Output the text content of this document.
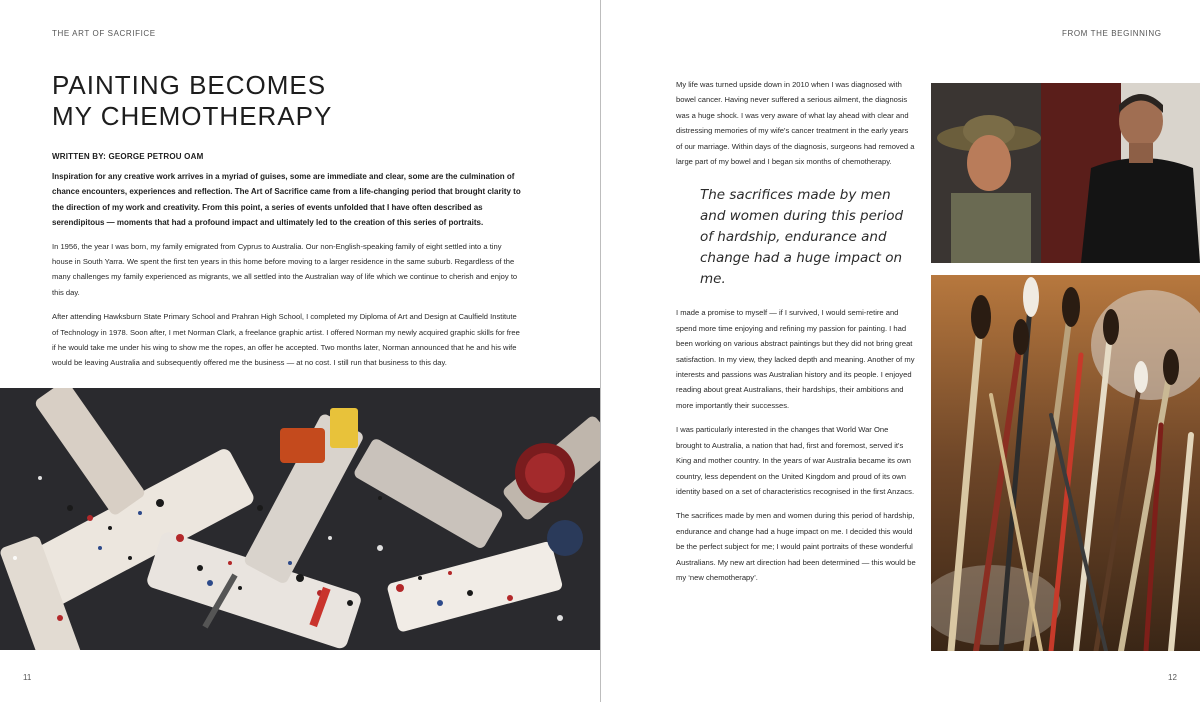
THE ART OF SACRIFICE
PAINTING BECOMES
MY CHEMOTHERAPY
WRITTEN BY: GEORGE PETROU OAM

Inspiration for any creative work arrives in a myriad of guises, some are immediate and clear, some are the culmination of chance encounters, experiences and reflection. The Art of Sacrifice came from a life-changing period that brought clarity to the direction of my work and creativity. From this point, a series of events unfolded that I have often described as serendipitous — moments that had a profound impact and ultimately led to the creation of this series of portraits.

In 1956, the year I was born, my family emigrated from Cyprus to Australia. Our non-English-speaking family of eight settled into a tiny house in South Yarra. We spent the first ten years in this home before moving to a larger residence in the same suburb. Regardless of the many challenges my family experienced as migrants, we all settled into the Australian way of life which we continue to cherish and enjoy to this day.

After attending Hawksburn State Primary School and Prahran High School, I completed my Diploma of Art and Design at Caulfield Institute of Technology in 1978. Soon after, I met Norman Clark, a freelance graphic artist. I offered Norman my newly acquired graphic skills for free if he would take me under his wing to show me the ropes, an offer he accepted. Two months later, Norman announced that he and his wife would be leaving Australia and subsequently offered me the business — at no cost. I still run that business to this day.

11
FROM THE BEGINNING

My life was turned upside down in 2010 when I was diagnosed with bowel cancer. Having never suffered a serious ailment, the diagnosis was a huge shock. I was very aware of what lay ahead with clear and distressing memories of my wife's cancer treatment in the early years of our marriage. Within days of the diagnosis, surgeons had removed a large part of my bowel and I began six months of chemotherapy.

The sacrifices made by men and women during this period of hardship, endurance and change had a huge impact on me.

I made a promise to myself — if I survived, I would semi-retire and spend more time enjoying and refining my passion for painting. I had been working on various abstract paintings but they did not bring great satisfaction. In my view, they lacked depth and meaning. Another of my interests and passions was Australian history and its people. I enjoyed reading about great Australians, their hardships, their ambitions and more importantly their successes.

I was particularly interested in the changes that World War One brought to Australia, a nation that had, first and foremost, served it's King and mother country. In the years of war Australia became its own country, less dependent on the United Kingdom and proud of its own identity based on a set of characteristics recognised in the first Anzacs.

The sacrifices made by men and women during this period of hardship, endurance and change had a huge impact on me. I decided this would be the perfect subject for me; I would paint portraits of these wonderful Australians. My new art direction had been determined — this would be my ‘new chemotherapy’.

12
